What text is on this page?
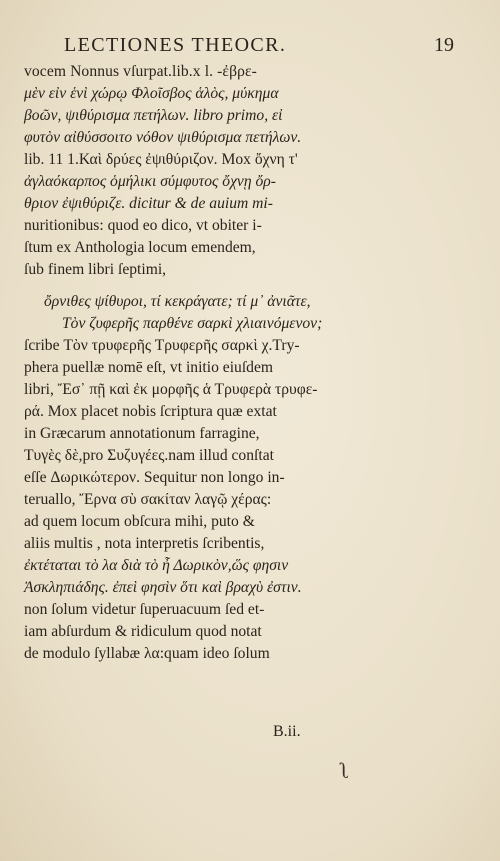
LECTIONES THEOCR.	19
vocem Nonnus vſurpat.lib.x l. -ἐβρε-
μὲν εἰν ἑνὶ χώρῳ Φλοῖσβος ἁλὸς, μύκημα
βοῶν, ψιθύρισμα πετήλων. libro primo, εἰ
φυτὸν αἰθύσσοιτο νόθον ψιθύρισμα πετήλων.
lib. 11 1.Καὶ δρύες ἐψιθύριζον. Mox ὄχνη τ'
ἀγλαόκαρπος ὁμήλικι σύμφυτος ὄχνῃ ὄρ-
θριον ἐψιθύριζε. dicitur & de auium mi-
nuritionibus: quod eo dico, vt obiter i-
ſtum ex Anthologia locum emendem,
ſub finem libri ſeptimi,
ὄρνιθες ψίθυροι, τί κεκράγατε; τί μ᾽ ἀνιᾶτε,
Τὸν ζυφερῆς παρθένε σαρκὶ χλιαινόμενον;
ſcribe Τὸν τρυφερῆς Τρυφερῆς σαρκὶ χ.Try-
phera puellæ nomē eſt, vt initio eiuſdem
libri, Ἔσ᾽ πῇ καὶ ἐκ μορφῆς ἁ Τρυφερὰ τρυφε-
ρά. Mox placet nobis ſcriptura quæ extat
in Græcarum annotationum farragine,
Τυγὲς δὲ,pro Συζυγέες.nam illud conſtat
eſſe Δωρικώτερον. Sequitur non longo in-
teruallo, Ἔρνα σὺ σακίταν λαγῷ χέρας:
ad quem locum obſcura mihi, puto &
aliis multis , nota interpretis ſcribentis,
ἐκτέταται τὸ λα διὰ τὸ ἦ Δωρικὸν,ὥς φησιν
Ἀσκληπιάδης. ἐπεὶ φησὶν ὅτι καὶ βραχὺ ἐστιν.
non ſolum videtur ſuperuacuum ſed et-
iam abſurdum & ridiculum quod notat
de modulo ſyllabæ λα:quam ideo ſolum
B.ii.
ʅ
